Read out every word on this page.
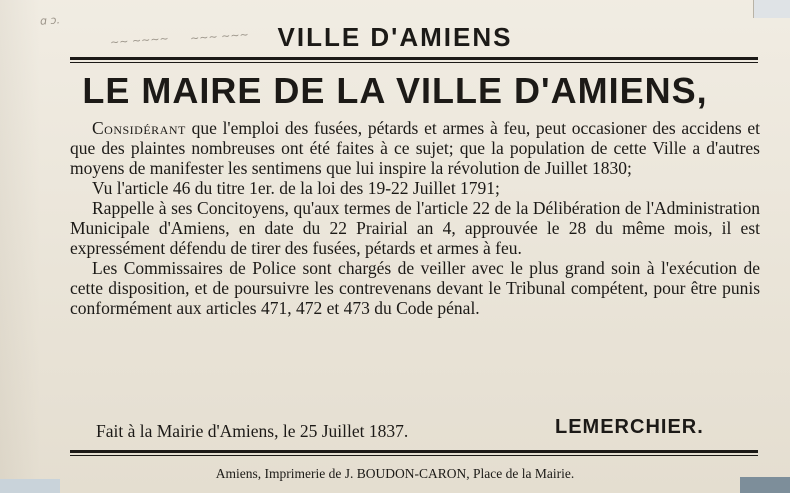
ɑ ɔ.
~~ ~~~~ ~~~ ~~~	VILLE D'AMIENS
LE MAIRE DE LA VILLE D'AMIENS,

Considérant que l'emploi des fusées, pétards et armes à feu, peut occasioner des accidens et que des plaintes nombreuses ont été faites à ce sujet; que la population de cette Ville a d'autres moyens de manifester les sentimens que lui inspire la révolution de Juillet 1830;

Vu l'article 46 du titre 1er. de la loi des 19-22 Juillet 1791;

Rappelle à ses Concitoyens, qu'aux termes de l'article 22 de la Délibération de l'Administration Municipale d'Amiens, en date du 22 Prairial an 4, approuvée le 28 du même mois, il est expressément défendu de tirer des fusées, pétards et armes à feu.

Les Commissaires de Police sont chargés de veiller avec le plus grand soin à l'exécution de cette disposition, et de poursuivre les contrevenans devant le Tribunal compétent, pour être punis conformément aux articles 471, 472 et 473 du Code pénal.

Fait à la Mairie d'Amiens, le 25 Juillet 1837.	LEMERCHIER.
Amiens, Imprimerie de J. BOUDON-CARON, Place de la Mairie.
